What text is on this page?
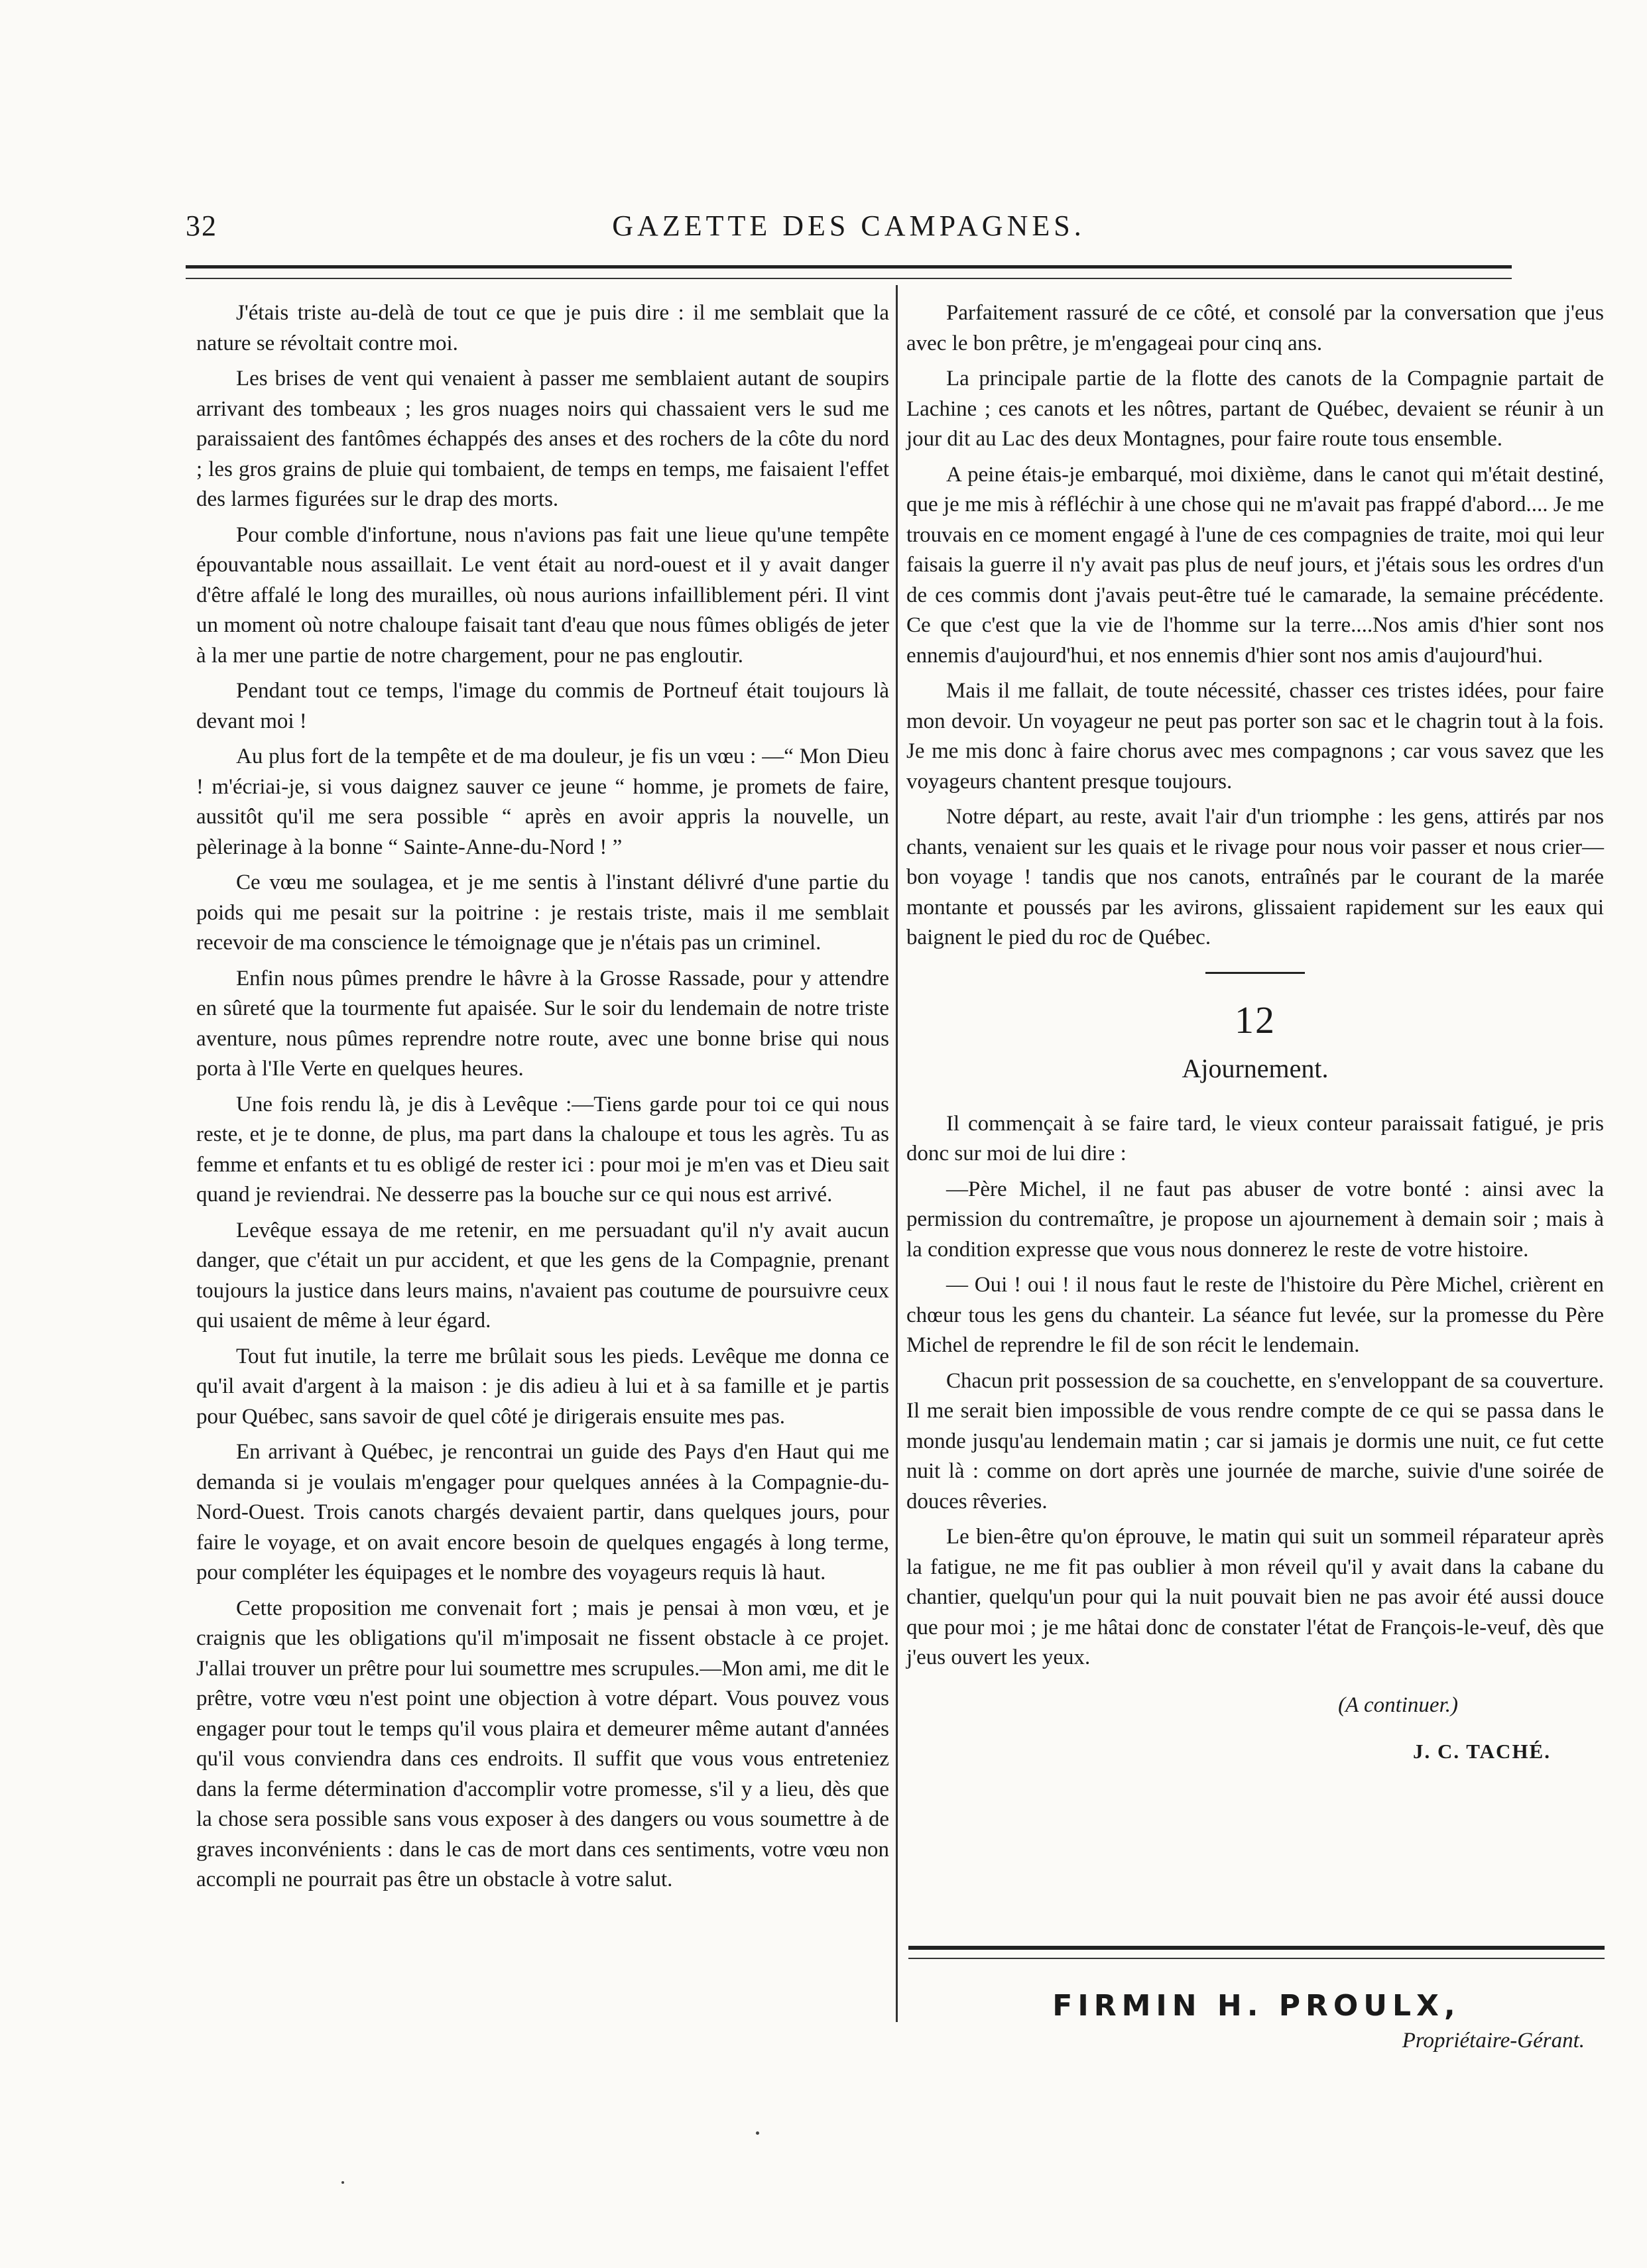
32	GAZETTE DES CAMPAGNES.

J'étais triste au-delà de tout ce que je puis dire : il me semblait que la nature se révoltait contre moi.

Les brises de vent qui venaient à passer me semblaient autant de soupirs arrivant des tombeaux ; les gros nuages noirs qui chassaient vers le sud me paraissaient des fantômes échappés des anses et des rochers de la côte du nord ; les gros grains de pluie qui tombaient, de temps en temps, me faisaient l'effet des larmes figurées sur le drap des morts.

Pour comble d'infortune, nous n'avions pas fait une lieue qu'une tempête épouvantable nous assaillait. Le vent était au nord-ouest et il y avait danger d'être affalé le long des murailles, où nous aurions infailliblement péri. Il vint un moment où notre chaloupe faisait tant d'eau que nous fûmes obligés de jeter à la mer une partie de notre chargement, pour ne pas engloutir.

Pendant tout ce temps, l'image du commis de Portneuf était toujours là devant moi !

Au plus fort de la tempête et de ma douleur, je fis un vœu : —“ Mon Dieu ! m'écriai-je, si vous daignez sauver ce jeune “ homme, je promets de faire, aussitôt qu'il me sera possible “ après en avoir appris la nouvelle, un pèlerinage à la bonne “ Sainte-Anne-du-Nord ! ”

Ce vœu me soulagea, et je me sentis à l'instant délivré d'une partie du poids qui me pesait sur la poitrine : je restais triste, mais il me semblait recevoir de ma conscience le témoignage que je n'étais pas un criminel.

Enfin nous pûmes prendre le hâvre à la Grosse Rassade, pour y attendre en sûreté que la tourmente fut apaisée. Sur le soir du lendemain de notre triste aventure, nous pûmes reprendre notre route, avec une bonne brise qui nous porta à l'Ile Verte en quelques heures.

Une fois rendu là, je dis à Levêque :—Tiens garde pour toi ce qui nous reste, et je te donne, de plus, ma part dans la chaloupe et tous les agrès. Tu as femme et enfants et tu es obligé de rester ici : pour moi je m'en vas et Dieu sait quand je reviendrai. Ne desserre pas la bouche sur ce qui nous est arrivé.

Levêque essaya de me retenir, en me persuadant qu'il n'y avait aucun danger, que c'était un pur accident, et que les gens de la Compagnie, prenant toujours la justice dans leurs mains, n'avaient pas coutume de poursuivre ceux qui usaient de même à leur égard.

Tout fut inutile, la terre me brûlait sous les pieds. Levêque me donna ce qu'il avait d'argent à la maison : je dis adieu à lui et à sa famille et je partis pour Québec, sans savoir de quel côté je dirigerais ensuite mes pas.

En arrivant à Québec, je rencontrai un guide des Pays d'en Haut qui me demanda si je voulais m'engager pour quelques années à la Compagnie-du-Nord-Ouest. Trois canots chargés devaient partir, dans quelques jours, pour faire le voyage, et on avait encore besoin de quelques engagés à long terme, pour compléter les équipages et le nombre des voyageurs requis là haut.

Cette proposition me convenait fort ; mais je pensai à mon vœu, et je craignis que les obligations qu'il m'imposait ne fissent obstacle à ce projet. J'allai trouver un prêtre pour lui soumettre mes scrupules.—Mon ami, me dit le prêtre, votre vœu n'est point une objection à votre départ. Vous pouvez vous engager pour tout le temps qu'il vous plaira et demeurer même autant d'années qu'il vous conviendra dans ces endroits. Il suffit que vous vous entreteniez dans la ferme détermination d'accomplir votre promesse, s'il y a lieu, dès que la chose sera possible sans vous exposer à des dangers ou vous soumettre à de graves inconvénients : dans le cas de mort dans ces sentiments, votre vœu non accompli ne pourrait pas être un obstacle à votre salut.

Parfaitement rassuré de ce côté, et consolé par la conversation que j'eus avec le bon prêtre, je m'engageai pour cinq ans.

La principale partie de la flotte des canots de la Compagnie partait de Lachine ; ces canots et les nôtres, partant de Québec, devaient se réunir à un jour dit au Lac des deux Montagnes, pour faire route tous ensemble.

A peine étais-je embarqué, moi dixième, dans le canot qui m'était destiné, que je me mis à réfléchir à une chose qui ne m'avait pas frappé d'abord.... Je me trouvais en ce moment engagé à l'une de ces compagnies de traite, moi qui leur faisais la guerre il n'y avait pas plus de neuf jours, et j'étais sous les ordres d'un de ces commis dont j'avais peut-être tué le camarade, la semaine précédente. Ce que c'est que la vie de l'homme sur la terre....Nos amis d'hier sont nos ennemis d'aujourd'hui, et nos ennemis d'hier sont nos amis d'aujourd'hui.

Mais il me fallait, de toute nécessité, chasser ces tristes idées, pour faire mon devoir. Un voyageur ne peut pas porter son sac et le chagrin tout à la fois. Je me mis donc à faire chorus avec mes compagnons ; car vous savez que les voyageurs chantent presque toujours.

Notre départ, au reste, avait l'air d'un triomphe : les gens, attirés par nos chants, venaient sur les quais et le rivage pour nous voir passer et nous crier—bon voyage ! tandis que nos canots, entraînés par le courant de la marée montante et poussés par les avirons, glissaient rapidement sur les eaux qui baignent le pied du roc de Québec.

12
Ajournement.

Il commençait à se faire tard, le vieux conteur paraissait fatigué, je pris donc sur moi de lui dire :

—Père Michel, il ne faut pas abuser de votre bonté : ainsi avec la permission du contremaître, je propose un ajournement à demain soir ; mais à la condition expresse que vous nous donnerez le reste de votre histoire.

— Oui ! oui ! il nous faut le reste de l'histoire du Père Michel, crièrent en chœur tous les gens du chanteir. La séance fut levée, sur la promesse du Père Michel de reprendre le fil de son récit le lendemain.

Chacun prit possession de sa couchette, en s'enveloppant de sa couverture. Il me serait bien impossible de vous rendre compte de ce qui se passa dans le monde jusqu'au lendemain matin ; car si jamais je dormis une nuit, ce fut cette nuit là : comme on dort après une journée de marche, suivie d'une soirée de douces rêveries.

Le bien-être qu'on éprouve, le matin qui suit un sommeil réparateur après la fatigue, ne me fit pas oublier à mon réveil qu'il y avait dans la cabane du chantier, quelqu'un pour qui la nuit pouvait bien ne pas avoir été aussi douce que pour moi ; je me hâtai donc de constater l'état de François-le-veuf, dès que j'eus ouvert les yeux.

(A continuer.)
J. C. TACHÉ.
FIRMIN H. PROULX,
Propriétaire-Gérant.
